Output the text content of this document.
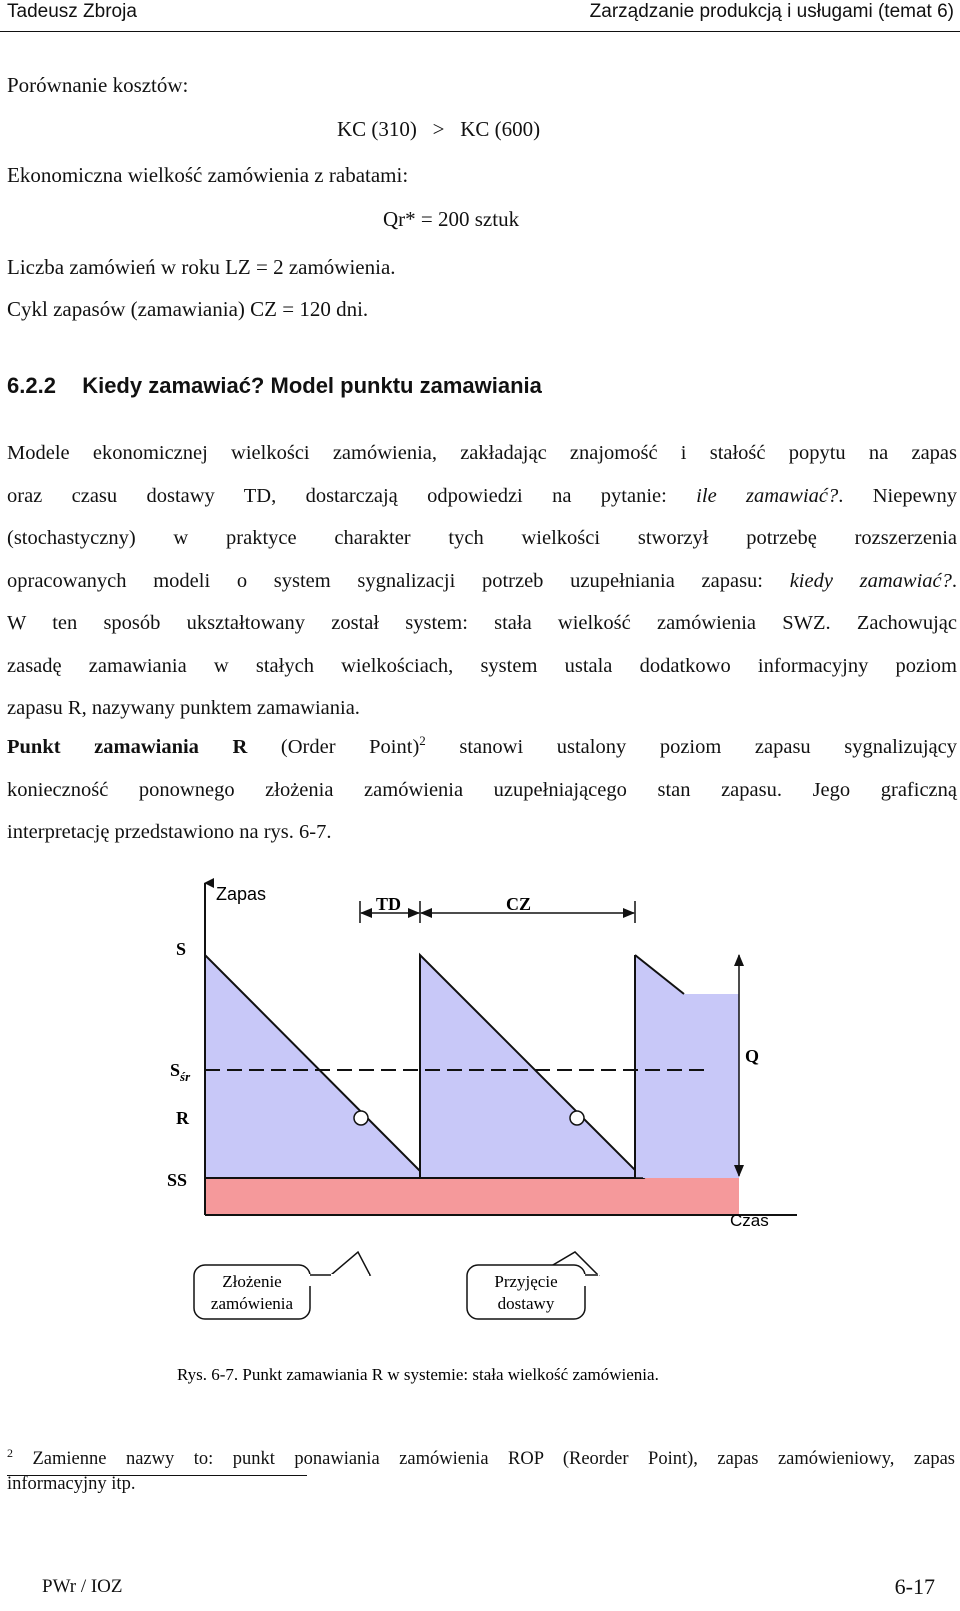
Tadeusz Zbroja	Zarządzanie produkcją i usługami (temat 6)
Porównanie kosztów:
KC (310)   >   KC (600)
Ekonomiczna wielkość zamówienia z rabatami:
Qr* = 200 sztuk
Liczba zamówień w roku LZ = 2 zamówienia.
Cykl zapasów (zamawiania) CZ = 120 dni.
6.2.2 Kiedy zamawiać? Model punktu zamawiania
Modele ekonomicznej wielkości zamówienia, zakładając znajomość i stałość popytu na zapas
oraz czasu dostawy TD, dostarczają odpowiedzi na pytanie: ile zamawiać?. Niepewny
(stochastyczny) w praktyce charakter tych wielkości stworzył potrzebę rozszerzenia
opracowanych modeli o system sygnalizacji potrzeb uzupełniania zapasu: kiedy zamawiać?.
W ten sposób ukształtowany został system: stała wielkość zamówienia SWZ. Zachowując
zasadę zamawiania w stałych wielkościach, system ustala dodatkowo informacyjny poziom
zapasu R, nazywany punktem zamawiania.
Punkt zamawiania R (Order Point)$^2$ stanowi ustalony poziom zapasu sygnalizujący
konieczność ponownego złożenia zamówienia uzupełniającego stan zapasu. Jego graficzną
interpretację przedstawiono na rys. 6-7.
Zapas	TD	CZ
S
$S_{śr}$
R
SS
Q
Czas
Złożenie
zamówienia
Przyjęcie
dostawy
Rys. 6-7. Punkt zamawiania R w systemie: stała wielkość zamówienia.
$^2$ Zamienne nazwy to: punkt ponawiania zamówienia ROP (Reorder Point), zapas zamówieniowy, zapas
informacyjny itp.
PWr / IOZ	6-17
